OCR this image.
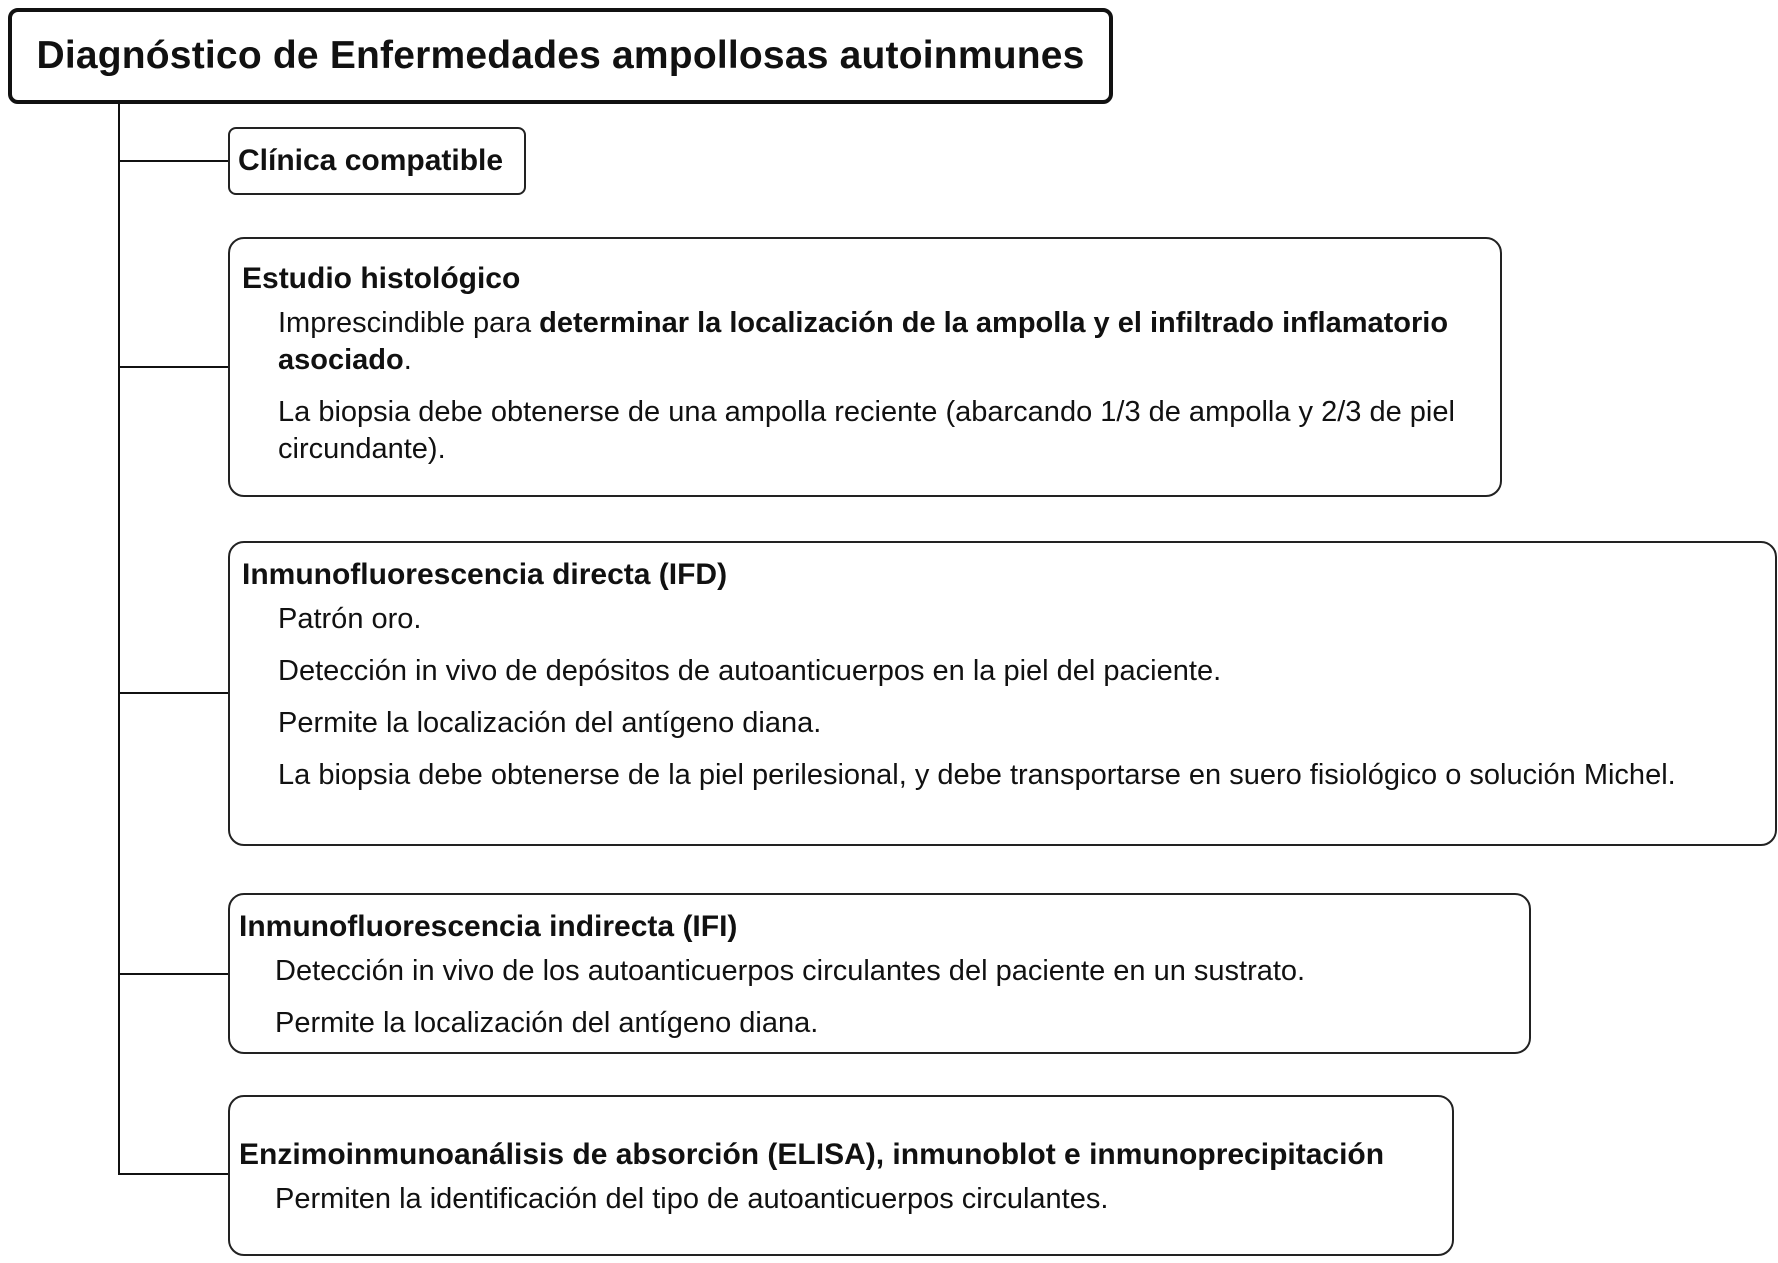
Diagnóstico de Enfermedades ampollosas autoinmunes
Clínica compatible
Estudio histológico

Imprescindible para determinar la localización de la ampolla y el infiltrado inflamatorio asociado.

La biopsia debe obtenerse de una ampolla reciente (abarcando 1/3 de ampolla y 2/3 de piel circundante).

Inmunofluorescencia directa (IFD)

Patrón oro.

Detección in vivo de depósitos de autoanticuerpos en la piel del paciente.

Permite la localización del antígeno diana.

La biopsia debe obtenerse de la piel perilesional, y debe transportarse en suero fisiológico o solución Michel.

Inmunofluorescencia indirecta (IFI)

Detección in vivo de los autoanticuerpos circulantes del paciente en un sustrato.

Permite la localización del antígeno diana.

Enzimoinmunoanálisis de absorción (ELISA), inmunoblot e inmunoprecipitación

Permiten la identificación del tipo de autoanticuerpos circulantes.
